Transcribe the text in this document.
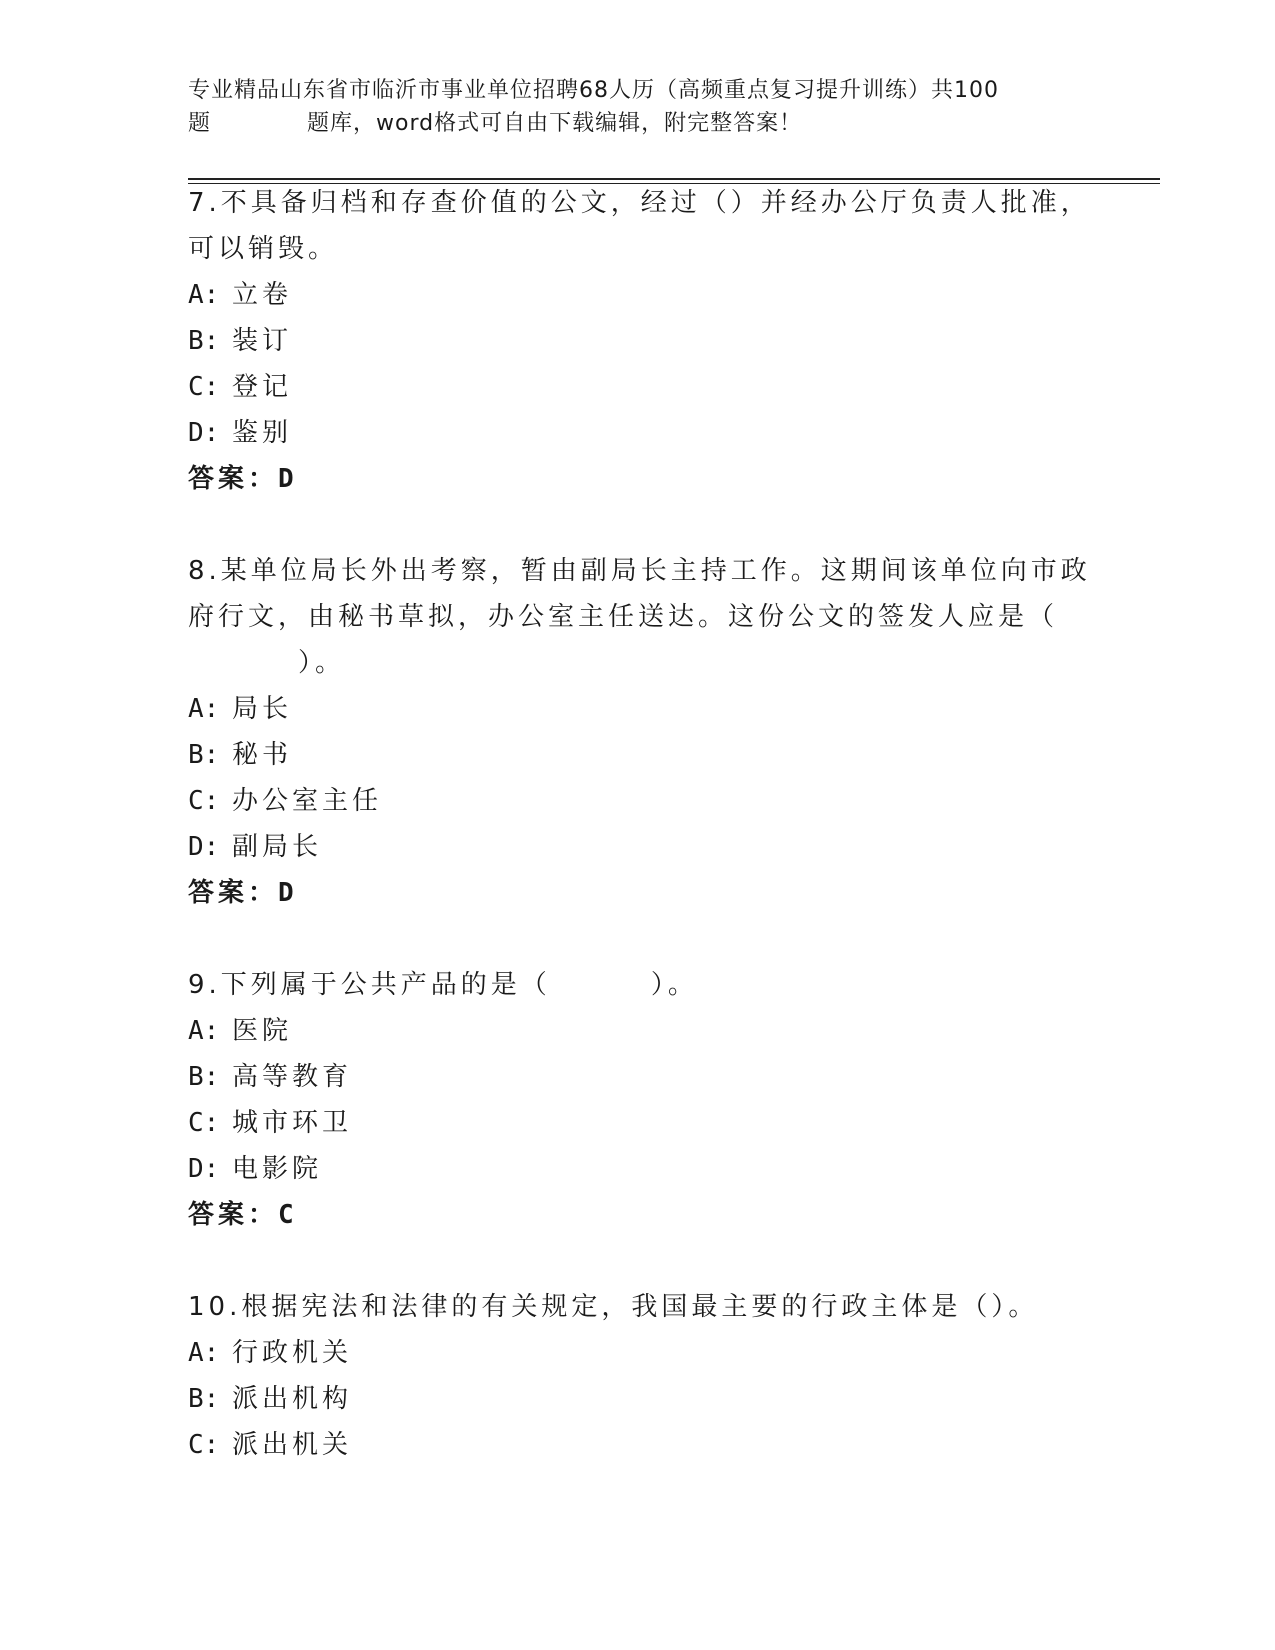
专业精品山东省市临沂市事业单位招聘68人历（高频重点复习提升训练）共100
题	题库，word格式可自由下载编辑，附完整答案！
7.不具备归档和存查价值的公文，经过（）并经办公厅负责人批准，
可以销毁。
A: 立卷
B: 装订
C: 登记
D: 鉴别
答案：D
8.某单位局长外出考察，暂由副局长主持工作。这期间该单位向市政
府行文，由秘书草拟，办公室主任送达。这份公文的签发人应是（
）。
A: 局长
B: 秘书
C: 办公室主任
D: 副局长
答案：D
9.下列属于公共产品的是（	）。
A: 医院
B: 高等教育
C: 城市环卫
D: 电影院
答案：C
10.根据宪法和法律的有关规定，我国最主要的行政主体是（）。
A: 行政机关
B: 派出机构
C: 派出机关
